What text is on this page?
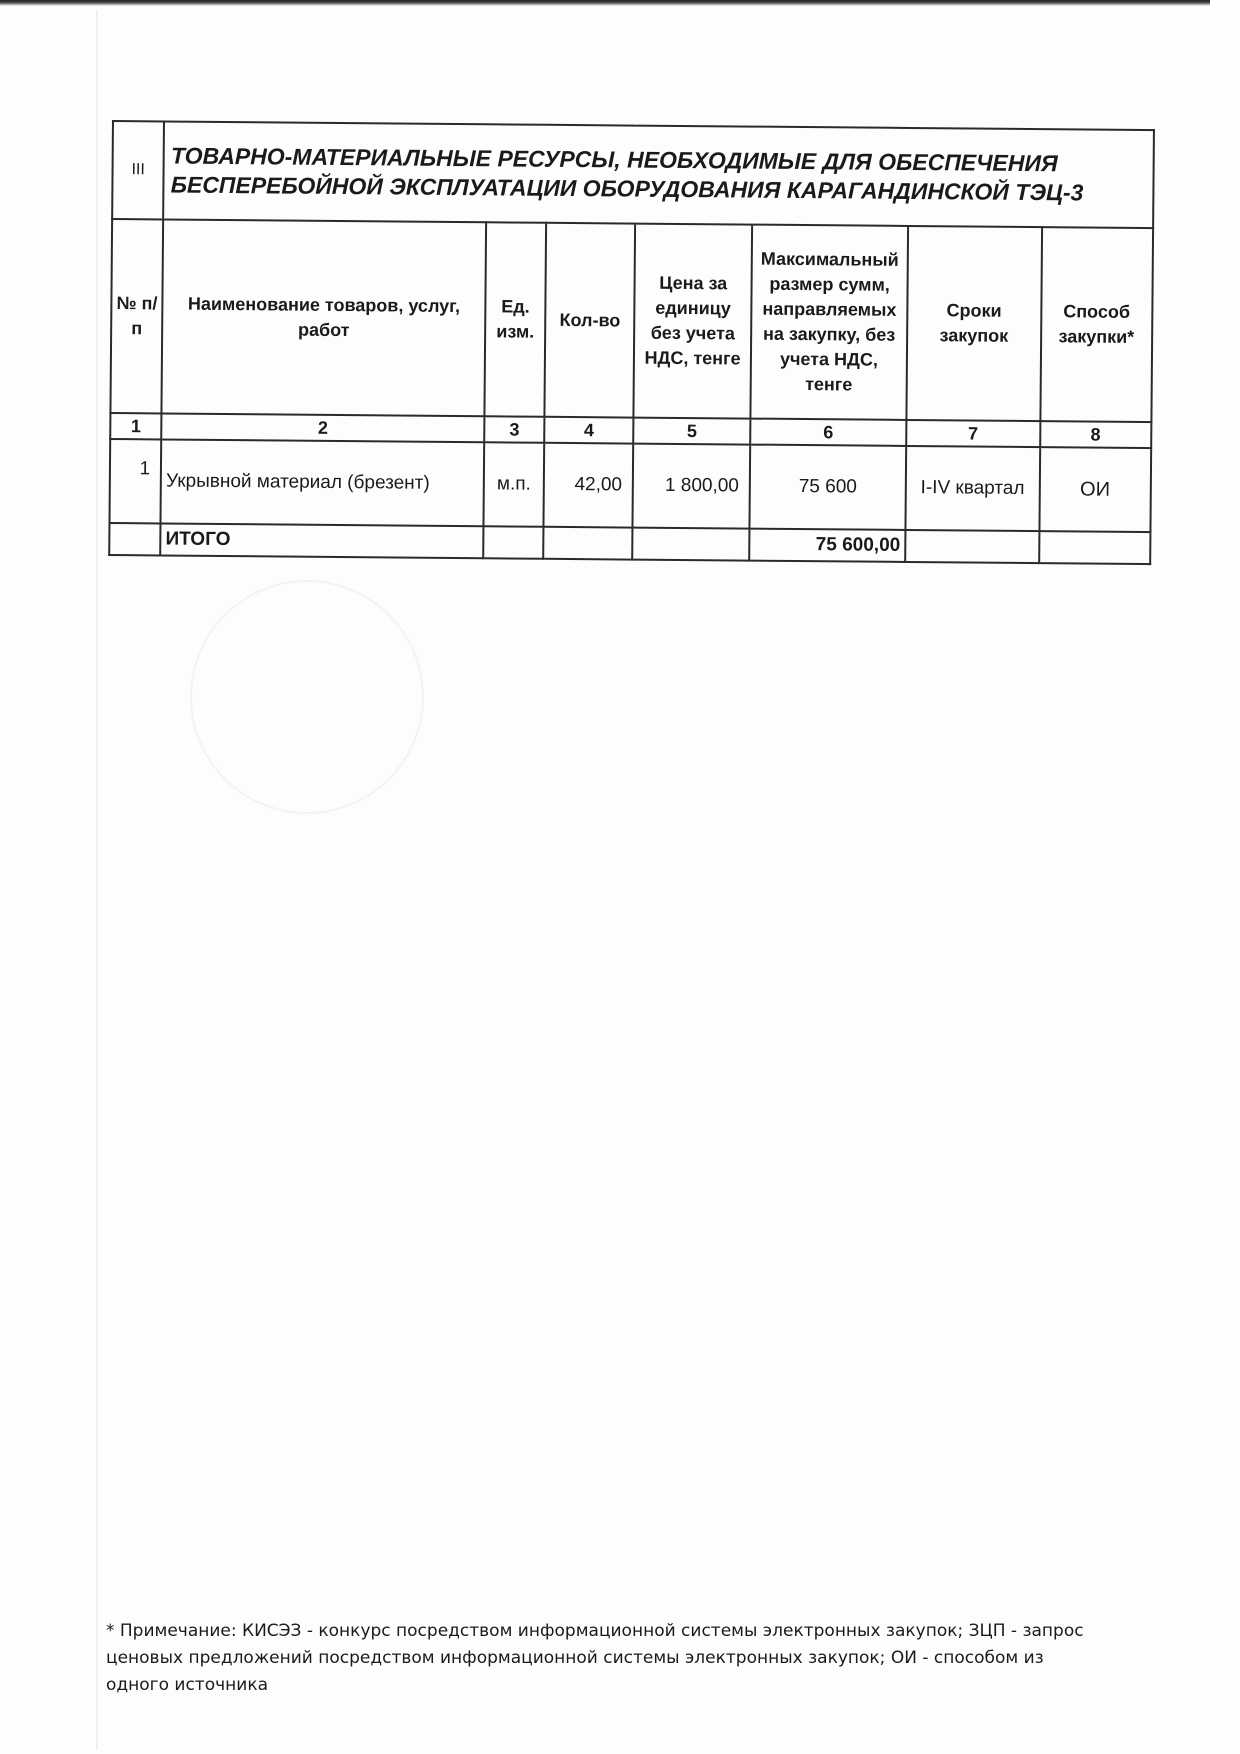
III	ТОВАРНО-МАТЕРИАЛЬНЫЕ РЕСУРСЫ, НЕОБХОДИМЫЕ ДЛЯ ОБЕСПЕЧЕНИЯ
БЕСПЕРЕБОЙНОЙ ЭКСПЛУАТАЦИИ ОБОРУДОВАНИЯ КАРАГАНДИНСКОЙ ТЭЦ-3						

№ п/п	Наименование товаров, услуг, работ	Ед. изм.	Кол-во	Цена за единицу без учета НДС, тенге	Максимальный размер сумм, направляемых на закупку, без учета НДС, тенге	Сроки закупок	Способ закупки*
1	2	3	4	5	6	7	8
1	Укрывной материал (брезент)	м.п.	42,00	1 800,00	75 600	I-IV квартал	ОИ
	ИТОГО				75 600,00		
* Примечание: КИСЭЗ - конкурс посредством информационной системы электронных закупок; ЗЦП - запрос
ценовых предложений посредством информационной системы электронных закупок; ОИ - способом из
одного источника
